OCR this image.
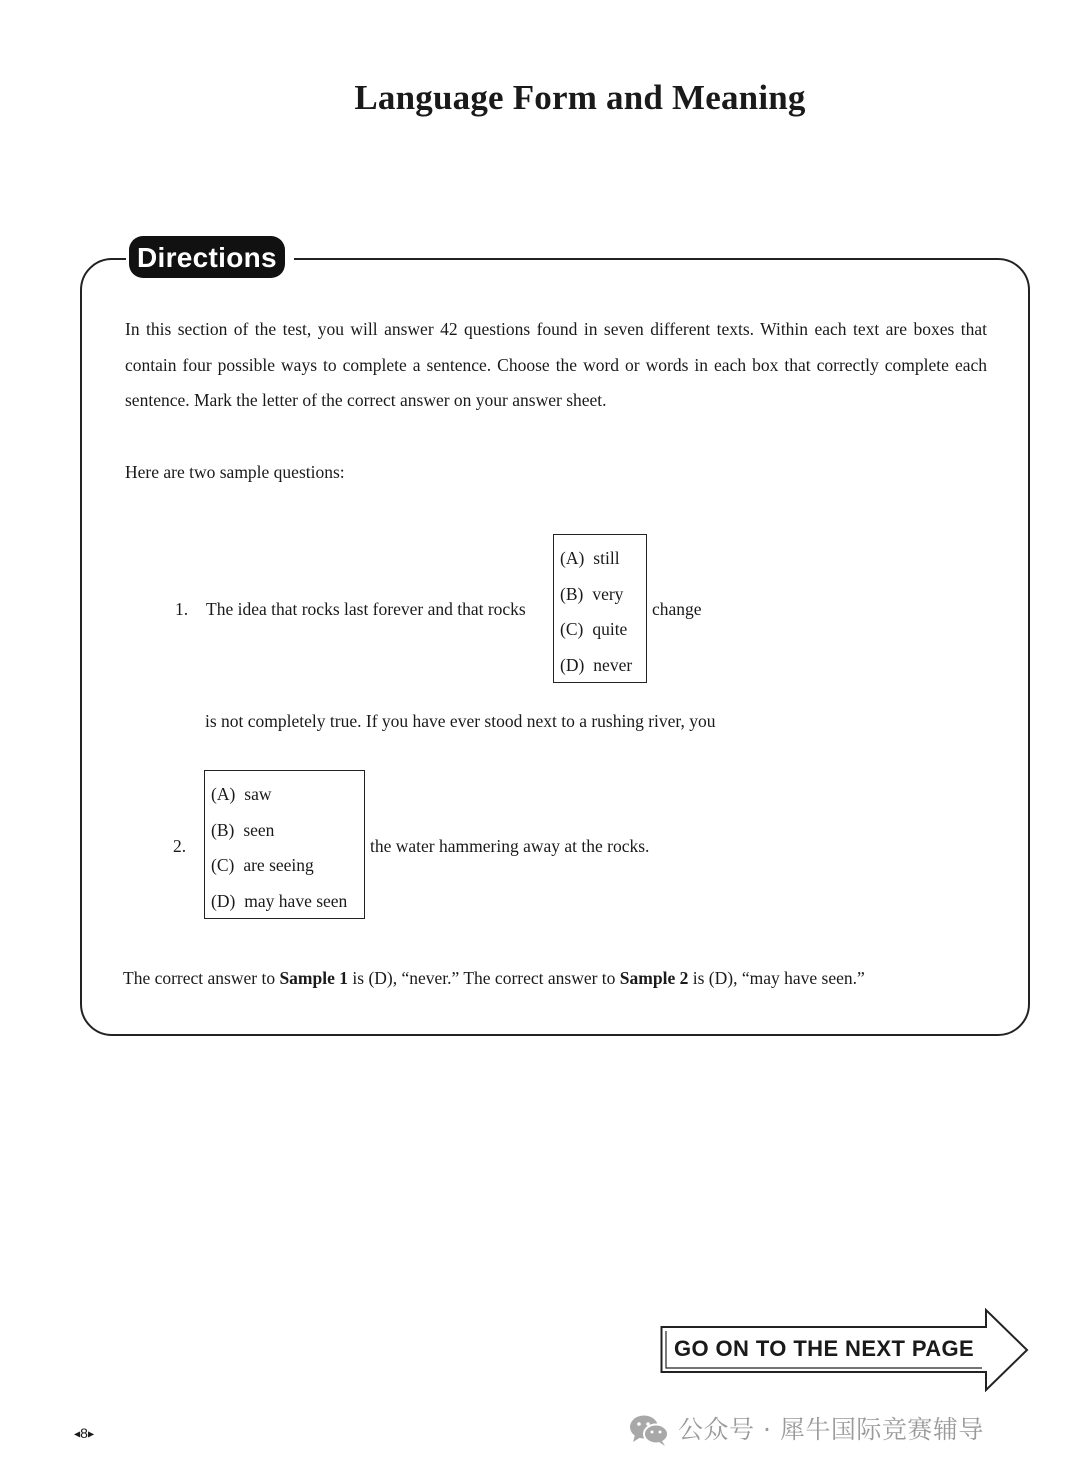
Language Form and Meaning
Directions

In this section of the test, you will answer 42 questions found in seven different texts. Within each text are boxes that contain four possible ways to complete a sentence. Choose the word or words in each box that correctly complete each sentence. Mark the letter of the correct answer on your answer sheet.

Here are two sample questions:

1. The idea that rocks last forever and that rocks
(A) still
(B) very
(C) quite
(D) never
change
is not completely true. If you have ever stood next to a rushing river, you
2.
(A) saw
(B) seen
(C) are seeing
(D) may have seen
the water hammering away at the rocks.
The correct answer to Sample 1 is (D), “never.” The correct answer to Sample 2 is (D), “may have seen.”
GO ON TO THE NEXT PAGE
◀8▶	公众号 · 犀牛国际竞赛辅导
